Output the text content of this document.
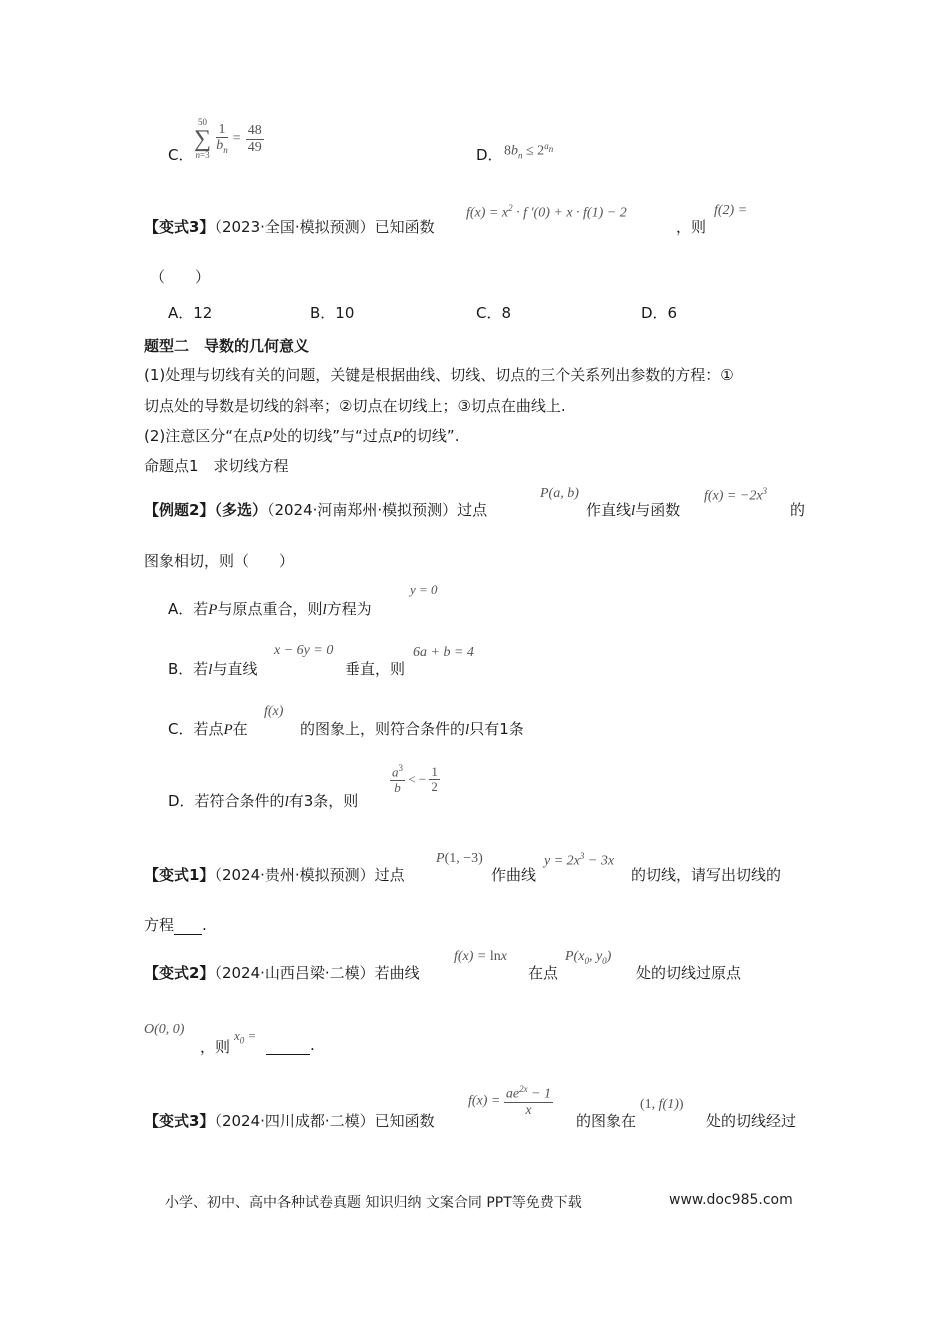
C．
50
∑
$n=3 \frac{1}{b_n} = \frac{48}{49}$
D． $8b_n \le 2^{a_n}$
【变式3】（2023·全国·模拟预测）已知函数
$f(x) = x^2 \cdot f$ ′(0) + x · f(1) − 2
，则
f(2) =
（　　）
A．12	B．10	C．8	D．6
题型二　导数的几何意义
(1)处理与切线有关的问题，关键是根据曲线、切线、切点的三个关系列出参数的方程：①
切点处的导数是切线的斜率；②切点在切线上；③切点在曲线上.
(2)注意区分“在点P处的切线”与“过点P的切线”.
命题点1　求切线方程
【例题2】（多选）（2024·河南郑州·模拟预测）过点
P(a, b)
作直线l与函数
$f(x) = -2x^3$
的
图象相切，则（　　）
A．若P与原点重合，则l方程为
y = 0
B．若l与直线
x − 6y = 0
垂直，则
6a + b = 4
C．若点P在
f(x)
的图象上，则符合条件的l只有1条
D．若符合条件的l有3条，则
$\frac{a^3}{b}$ < − $\frac{1}{2}$
【变式1】（2024·贵州·模拟预测）过点
P(1, −3)
作曲线
$y = 2x^3 - 3x$
的切线，请写出切线的
方程 .
【变式2】（2024·山西吕梁·二模）若曲线
f(x) = lnx
在点
$P(x_0$, $y_0$)
处的切线过原点
O(0, 0)
，则
$x_0$ =
.
【变式3】（2024·四川成都·二模）已知函数
$f(x) = \frac{ae^{2x} - 1}{x}$
的图象在
(1, f(1))
处的切线经过
小学、初中、高中各种试卷真题 知识归纳 文案合同 PPT等免费下载	www.doc985.com
